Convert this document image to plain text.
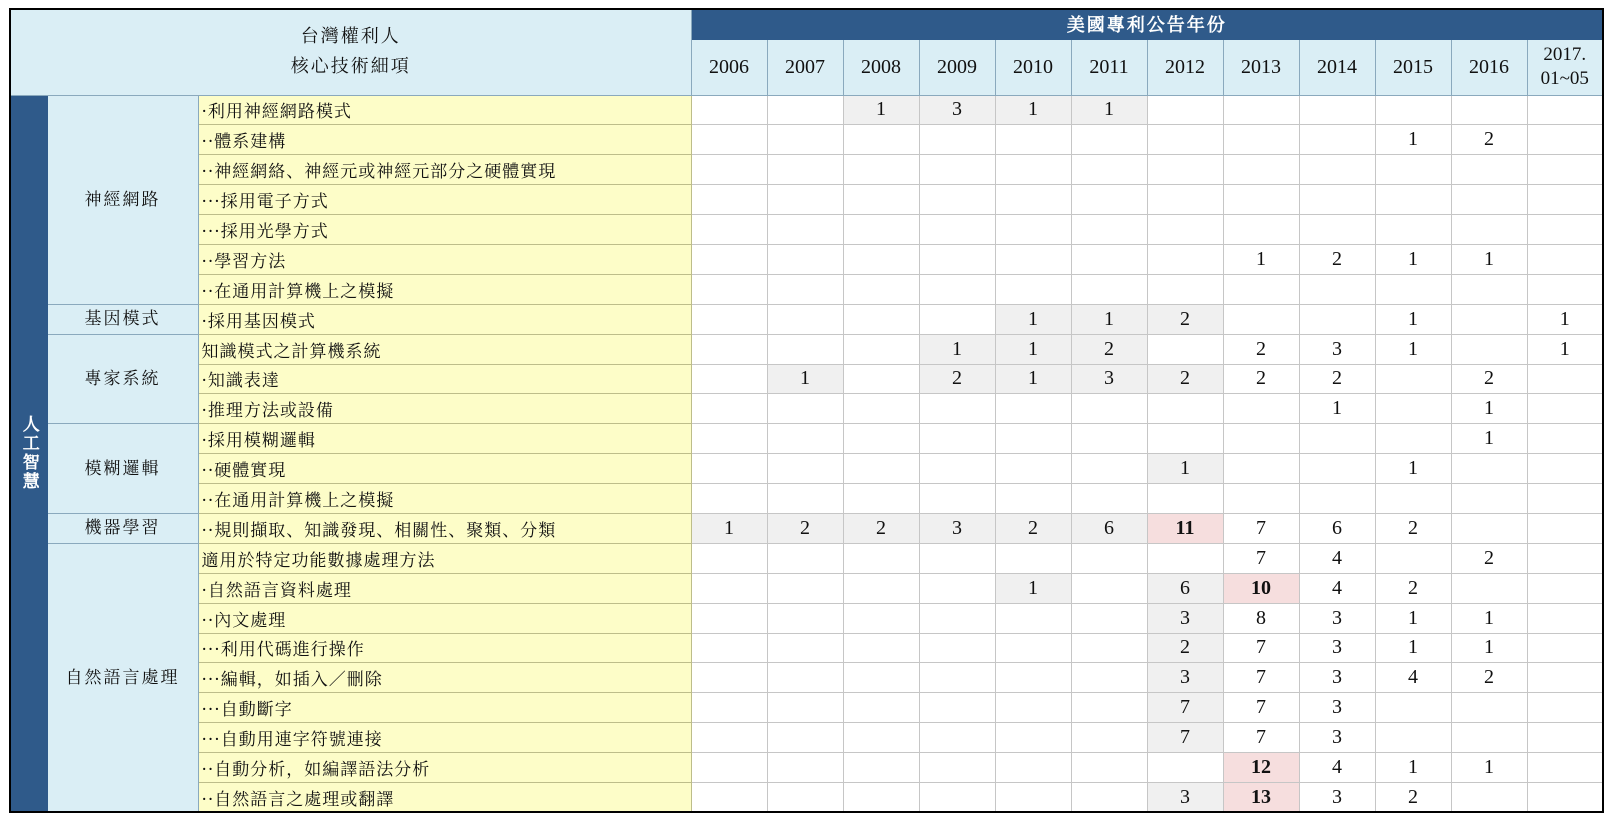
台灣權利人
核心技術細項			美國專利公告年份											
			2006	2007	2008	2009	2010	2011	2012	2013	2014	2015	2016	2017.
01~05

人工智慧	神經網路	·利用神經網路模式			1	3	1	1						
		··體系建構										1	2	
		··神經網絡、神經元或神經元部分之硬體實現												
		···採用電子方式												
		···採用光學方式												
		··學習方法								1	2	1	1	
		··在通用計算機上之模擬												
	基因模式	·採用基因模式					1	1	2			1		1
	專家系統	知識模式之計算機系統				1	1	2		2	3	1		1
		·知識表達		1		2	1	3	2	2	2		2	
		·推理方法或設備									1		1	
	模糊邏輯	·採用模糊邏輯											1	
		··硬體實現							1			1		
		··在通用計算機上之模擬												
	機器學習	··規則擷取、知識發現、相關性、聚類、分類	1	2	2	3	2	6	11	7	6	2		
	自然語言處理	適用於特定功能數據處理方法								7	4		2	
		·自然語言資料處理					1		6	10	4	2		
		··內文處理							3	8	3	1	1	
		···利用代碼進行操作							2	7	3	1	1	
		···編輯，如插入／刪除							3	7	3	4	2	
		···自動斷字							7	7	3			
		···自動用連字符號連接							7	7	3			
		··自動分析，如編譯語法分析								12	4	1	1	
		··自然語言之處理或翻譯							3	13	3	2		
